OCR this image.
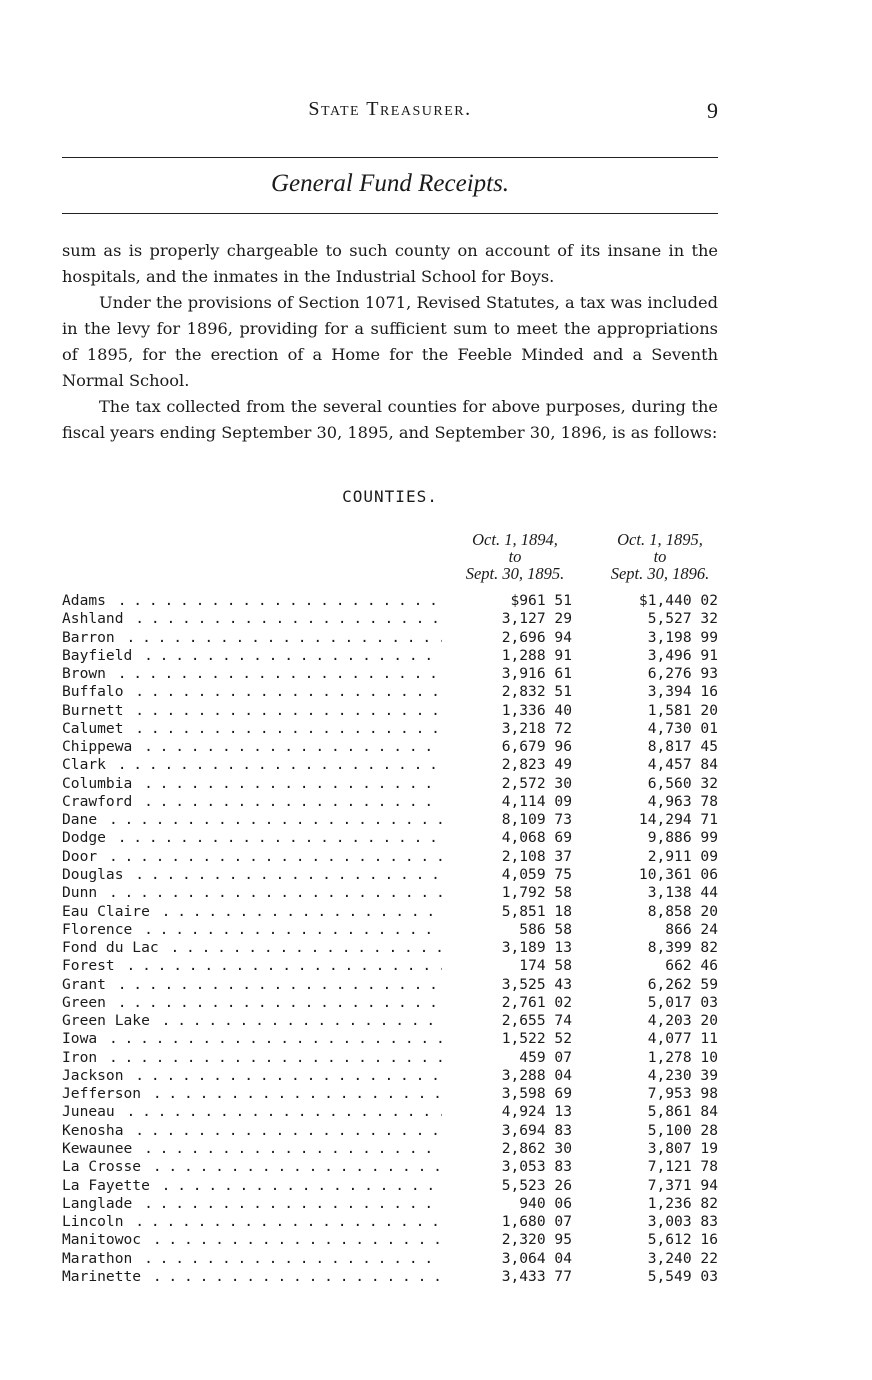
State Treasurer.	9
General Fund Receipts.

sum as is properly chargeable to such county on account of its insane in the hospitals, and the inmates in the Industrial School for Boys.

Under the provisions of Section 1071, Revised Statutes, a tax was included in the levy for 1896, providing for a sufficient sum to meet the appropriations of 1895, for the erection of a Home for the Feeble Minded and a Seventh Normal School.

The tax collected from the several counties for above purposes, during the fiscal years ending September 30, 1895, and September 30, 1896, is as follows:

COUNTIES.
Oct. 1, 1894,
to
Sept. 30, 1895.
Oct. 1, 1895,
to
Sept. 30, 1896.
Adams . . .	$961 51	$1,440 02
Ashland . . .	3,127 29	5,527 32
Barron . . .	2,696 94	3,198 99
Bayfield . . .	1,288 91	3,496 91
Brown . . .	3,916 61	6,276 93
Buffalo . . .	2,832 51	3,394 16
Burnett . . .	1,336 40	1,581 20
Calumet . . .	3,218 72	4,730 01
Chippewa . . .	6,679 96	8,817 45
Clark . . .	2,823 49	4,457 84
Columbia . . .	2,572 30	6,560 32
Crawford . . .	4,114 09	4,963 78
Dane . . .	8,109 73	14,294 71
Dodge . . .	4,068 69	9,886 99
Door . . .	2,108 37	2,911 09
Douglas . . .	4,059 75	10,361 06
Dunn . . .	1,792 58	3,138 44
Eau Claire . . .	5,851 18	8,858 20
Florence . . .	586 58	866 24
Fond du Lac . . .	3,189 13	8,399 82
Forest . . .	174 58	662 46
Grant . . .	3,525 43	6,262 59
Green . . .	2,761 02	5,017 03
Green Lake . . .	2,655 74	4,203 20
Iowa . . .	1,522 52	4,077 11
Iron . . .	459 07	1,278 10
Jackson . . .	3,288 04	4,230 39
Jefferson . . .	3,598 69	7,953 98
Juneau . . .	4,924 13	5,861 84
Kenosha . . .	3,694 83	5,100 28
Kewaunee . . .	2,862 30	3,807 19
La Crosse . . .	3,053 83	7,121 78
La Fayette . . .	5,523 26	7,371 94
Langlade . . .	940 06	1,236 82
Lincoln . . .	1,680 07	3,003 83
Manitowoc . . .	2,320 95	5,612 16
Marathon . . .	3,064 04	3,240 22
Marinette . . .	3,433 77	5,549 03
